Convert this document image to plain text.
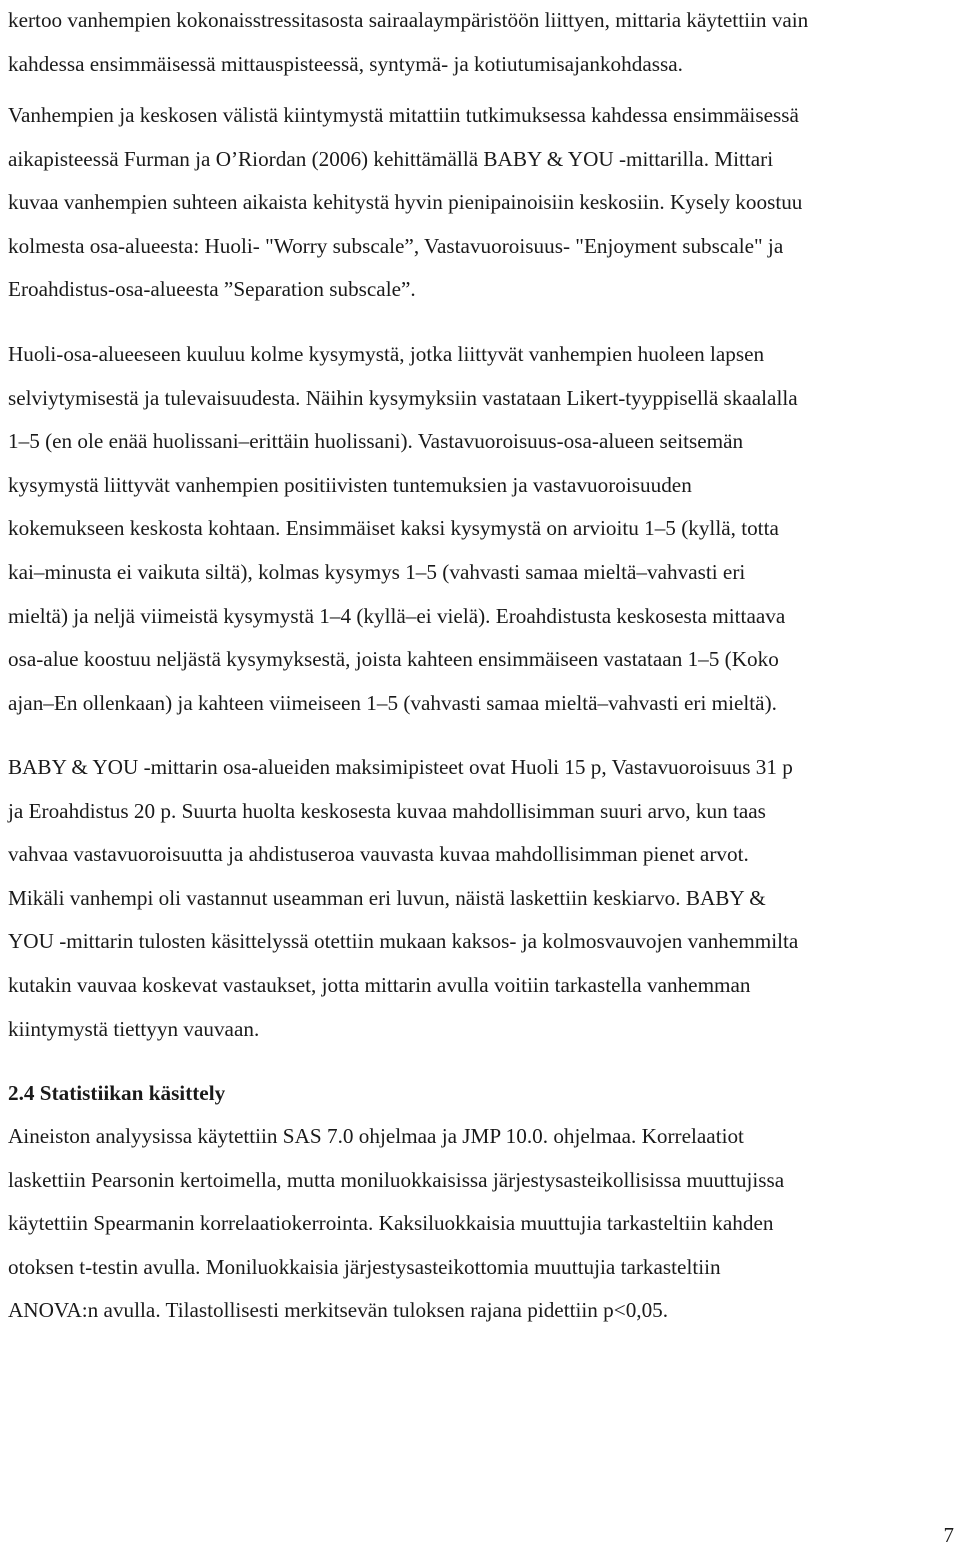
kertoo vanhempien kokonaisstressitasosta sairaalaympäristöön liittyen, mittaria käytettiin vain
kahdessa ensimmäisessä mittauspisteessä, syntymä- ja kotiutumisajankohdassa.

Vanhempien ja keskosen välistä kiintymystä mitattiin tutkimuksessa kahdessa ensimmäisessä
aikapisteessä Furman ja O’Riordan (2006) kehittämällä BABY & YOU -mittarilla. Mittari
kuvaa vanhempien suhteen aikaista kehitystä hyvin pienipainoisiin keskosiin. Kysely koostuu
kolmesta osa-alueesta: Huoli- "Worry subscale”, Vastavuoroisuus- "Enjoyment subscale" ja
Eroahdistus-osa-alueesta ”Separation subscale”.

Huoli-osa-alueeseen kuuluu kolme kysymystä, jotka liittyvät vanhempien huoleen lapsen
selviytymisestä ja tulevaisuudesta. Näihin kysymyksiin vastataan Likert-tyyppisellä skaalalla
1–5 (en ole enää huolissani–erittäin huolissani). Vastavuoroisuus-osa-alueen seitsemän
kysymystä liittyvät vanhempien positiivisten tuntemuksien ja vastavuoroisuuden
kokemukseen keskosta kohtaan. Ensimmäiset kaksi kysymystä on arvioitu 1–5 (kyllä, totta
kai–minusta ei vaikuta siltä), kolmas kysymys 1–5 (vahvasti samaa mieltä–vahvasti eri
mieltä) ja neljä viimeistä kysymystä 1–4 (kyllä–ei vielä). Eroahdistusta keskosesta mittaava
osa-alue koostuu neljästä kysymyksestä, joista kahteen ensimmäiseen vastataan 1–5 (Koko
ajan–En ollenkaan) ja kahteen viimeiseen 1–5 (vahvasti samaa mieltä–vahvasti eri mieltä).

BABY & YOU -mittarin osa-alueiden maksimipisteet ovat Huoli 15 p, Vastavuoroisuus 31 p
ja Eroahdistus 20 p. Suurta huolta keskosesta kuvaa mahdollisimman suuri arvo, kun taas
vahvaa vastavuoroisuutta ja ahdistuseroa vauvasta kuvaa mahdollisimman pienet arvot.
Mikäli vanhempi oli vastannut useamman eri luvun, näistä laskettiin keskiarvo. BABY &
YOU -mittarin tulosten käsittelyssä otettiin mukaan kaksos- ja kolmosvauvojen vanhemmilta
kutakin vauvaa koskevat vastaukset, jotta mittarin avulla voitiin tarkastella vanhemman
kiintymystä tiettyyn vauvaan.

2.4 Statistiikan käsittely

Aineiston analyysissa käytettiin SAS 7.0 ohjelmaa ja JMP 10.0. ohjelmaa. Korrelaatiot
laskettiin Pearsonin kertoimella, mutta moniluokkaisissa järjestysasteikollisissa muuttujissa
käytettiin Spearmanin korrelaatiokerrointa. Kaksiluokkaisia muuttujia tarkasteltiin kahden
otoksen t-testin avulla. Moniluokkaisia järjestysasteikottomia muuttujia tarkasteltiin
ANOVA:n avulla. Tilastollisesti merkitsevän tuloksen rajana pidettiin p<0,05.

7
